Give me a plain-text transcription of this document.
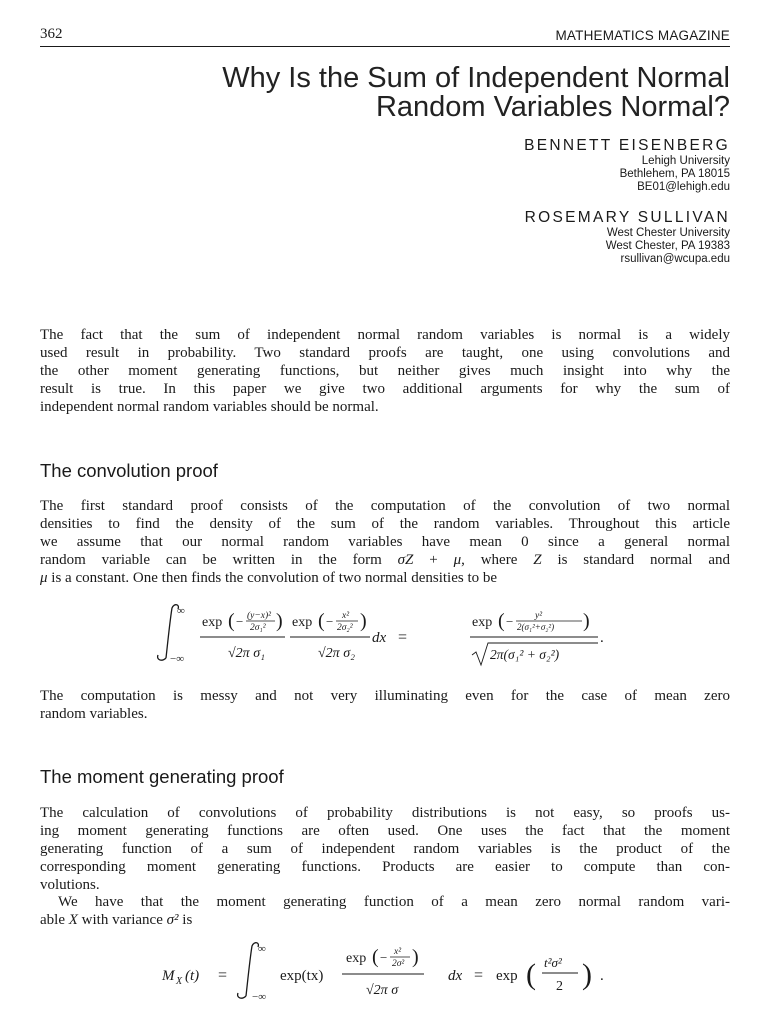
362	MATHEMATICS MAGAZINE
Why Is the Sum of Independent Normal
Random Variables Normal?
BENNETT EISENBERG
Lehigh University
Bethlehem, PA 18015
BE01@lehigh.edu
ROSEMARY SULLIVAN
West Chester University
West Chester, PA 19383
rsullivan@wcupa.edu

The fact that the sum of independent normal random variables is normal is a widely
used result in probability. Two standard proofs are taught, one using convolutions and
the other moment generating functions, but neither gives much insight into why the
result is true. In this paper we give two additional arguments for why the sum of
independent normal random variables should be normal.

The convolution proof

The first standard proof consists of the computation of the convolution of two normal
densities to find the density of the sum of the random variables. Throughout this article
we assume that our normal random variables have mean 0 since a general normal
random variable can be written in the form σZ + μ, where Z is standard normal and
μ is a constant. One then finds the convolution of two normal densities to be

∞
−∞
exp ( − (y−x)²
2σ₁² )
√2π σ₁
exp ( − x²
2σ₂² )
√2π σ₂
dx =
exp ( − y²
2(σ₁²+σ₂²) )
2π(σ₁² + σ₂²)
.

The computation is messy and not very illuminating even for the case of mean zero
random variables.

The moment generating proof

The calculation of convolutions of probability distributions is not easy, so proofs us-
ing moment generating functions are often used. One uses the fact that the moment
generating function of a sum of independent random variables is the product of the
corresponding moment generating functions. Products are easier to compute than con-
volutions.

We have that the moment generating function of a mean zero normal random vari-
able X with variance σ² is

M X (t) =
∞
−∞
exp(tx)
exp ( − x²
2σ² )
√2π σ
dx = exp ( t²σ²
2 ) .
